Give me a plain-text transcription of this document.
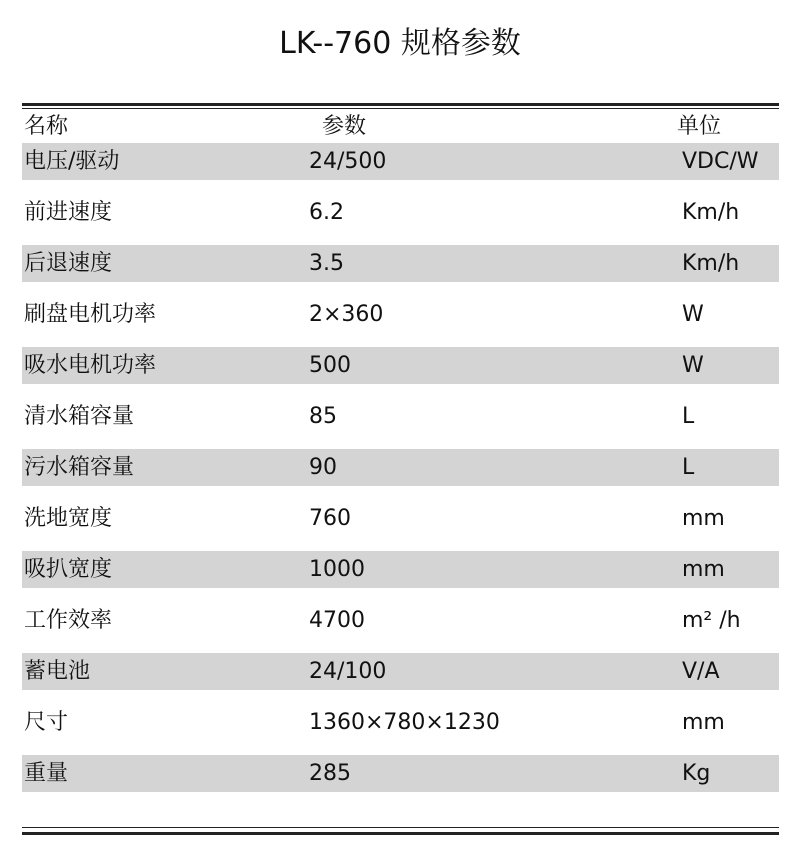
LK--760 规格参数
名称	参数	单位
电压/驱动	24/500	VDC/W
前进速度	6.2	Km/h
后退速度	3.5	Km/h
刷盘电机功率	2×360	W
吸水电机功率	500	W
清水箱容量	85	L
污水箱容量	90	L
洗地宽度	760	mm
吸扒宽度	1000	mm
工作效率	4700	m² /h
蓄电池	24/100	V/A
尺寸	1360×780×1230	mm
重量	285	Kg
